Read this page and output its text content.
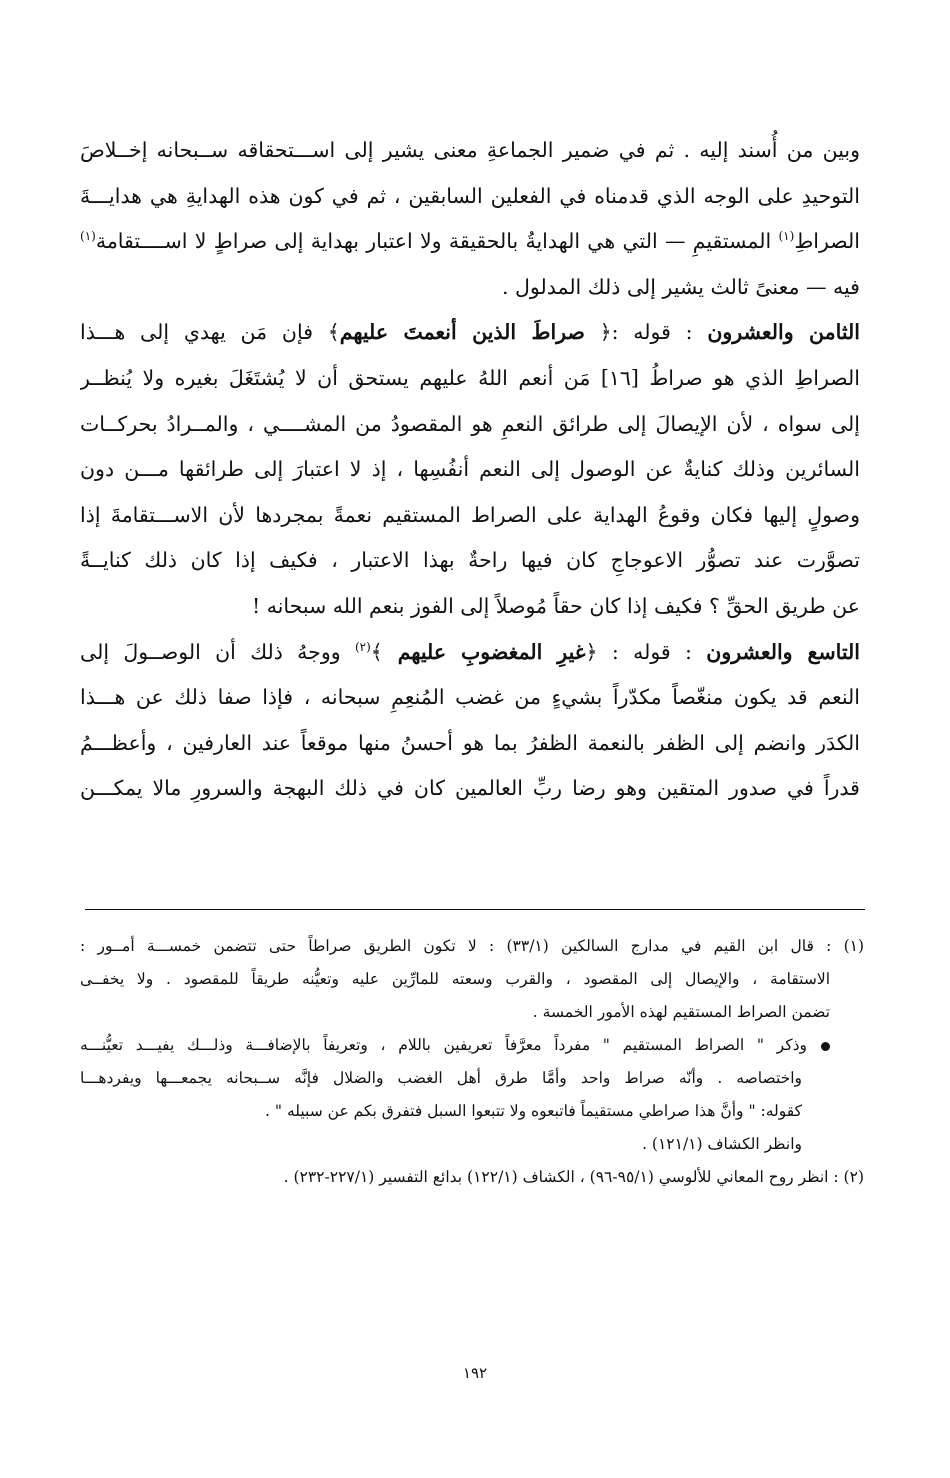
وبين من أُسند إليه . ثم في ضمير الجماعةِ معنى يشير إلى اســـتحقاقه ســبحانه إخــلاصَ
التوحيدِ على الوجه الذي قدمناه في الفعلين السابقين ، ثم في كون هذه الهدايةِ هي هدايـــةَ
الصراطِ$^{(١)}$ المستقيمِ — التي هي الهدايةُ بالحقيقة ولا اعتبار بهداية إلى صراطٍ لا اســــتقامة$^{(١)}$
فيه — معنىً ثالث يشير إلى ذلك المدلول .

الثامن والعشرون : قوله :﴿ صراطَ الذين أنعمتَ عليهم﴾ فإن مَن يهدي إلى هـــذا
الصراطِ الذي هو صراطُ [١٦] مَن أنعم اللهُ عليهم يستحق أن لا يُشتَغَلَ بغيره ولا يُنظــر
إلى سواه ، لأن الإيصالَ إلى طرائق النعمِ هو المقصودُ من المشــــي ، والمــرادُ بحركــات
السائرين وذلك كنايةٌ عن الوصول إلى النعم أنفُسِها ، إذ لا اعتبارَ إلى طرائقها مـــن دون
وصولٍ إليها فكان وقوعُ الهداية على الصراط المستقيم نعمةً بمجردها لأن الاســـتقامةَ إذا
تصوَّرت عند تصوُّر الاعوجاجِ كان فيها راحةٌ بهذا الاعتبار ، فكيف إذا كان ذلك كنايــةً
عن طريق الحقِّ ؟ فكيف إذا كان حقاً مُوصلاً إلى الفوز بنعم الله سبحانه !

التاسع والعشرون : قوله : ﴿غيرِ المغضوبِ عليهم ﴾$^{(٢)}$ ووجهُ ذلك أن الوصــولَ إلى
النعم قد يكون منغّصاً مكدّراً بشيءٍ من غضب المُنعِمِ سبحانه ، فإذا صفا ذلك عن هـــذا
الكدَر وانضم إلى الظفر بالنعمة الظفرُ بما هو أحسنُ منها موقعاً عند العارفين ، وأعظـــمُ
قدراً في صدور المتقين وهو رضا ربِّ العالمين كان في ذلك البهجة والسرورِ مالا يمكـــن

(١) : قال ابن القيم في مدارج السالكين (٣٣/١) : لا تكون الطريق صراطاً حتى تتضمن خمســـة أمــور :
الاستقامة ، والإيصال إلى المقصود ، والقرب وسعته للمارِّين عليه وتعيُّنه طريقاً للمقصود . ولا يخفــى
تضمن الصراط المستقيم لهذه الأمور الخمسة .
وذكر " الصراط المستقيم " مفرداً معرَّفاً تعريفين باللام ، وتعريفاً بالإضافـــة وذلـــك يفيـــد تعيُّنـــه
واختصاصه . وأنّه صراط واحد وأمَّا طرق أهل الغضب والضلال فإنَّه ســبحانه يجمعـــها ويفردهـــا
كقوله: " وأنَّ هذا صراطي مستقيماً فاتبعوه ولا تتبعوا السبل فتفرق بكم عن سبيله " .
وانظر الكشاف (١٢١/١) .
(٢) : انظر روح المعاني للألوسي (٩٥/١-٩٦) ، الكشاف (١٢٢/١) بدائع التفسير (٢٢٧/١-٢٣٢) .
١٩٢
